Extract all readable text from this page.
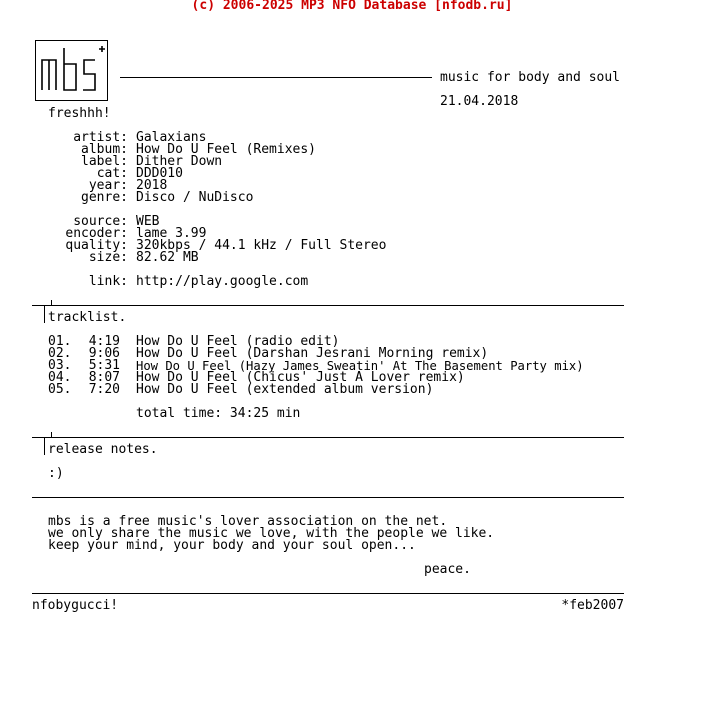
(c) 2006-2025 MP3 NFO Database [nfodb.ru]
music for body and soul
21.04.2018
freshhh!
artist: Galaxians
album: How Do U Feel (Remixes)
label: Dither Down
cat: DDD010
year: 2018
genre: Disco / NuDisco
source: WEB
encoder: lame 3.99
quality: 320kbps / 44.1 kHz / Full Stereo
size: 82.62 MB
link: http://play.google.com
tracklist.
01.	4:19 How Do U Feel (radio edit)
02.	9:06 How Do U Feel (Darshan Jesrani Morning remix)
03.	5:31 How Do U Feel (Hazy James Sweatin' At The Basement Party mix)
04.	8:07 How Do U Feel (Chicus' Just A Lover remix)
05.	7:20 How Do U Feel (extended album version)
total time: 34:25 min
release notes.
:)
mbs is a free music's lover association on the net.
we only share the music we love, with the people we like.
keep your mind, your body and your soul open...
peace.
nfobygucci!	*feb2007
